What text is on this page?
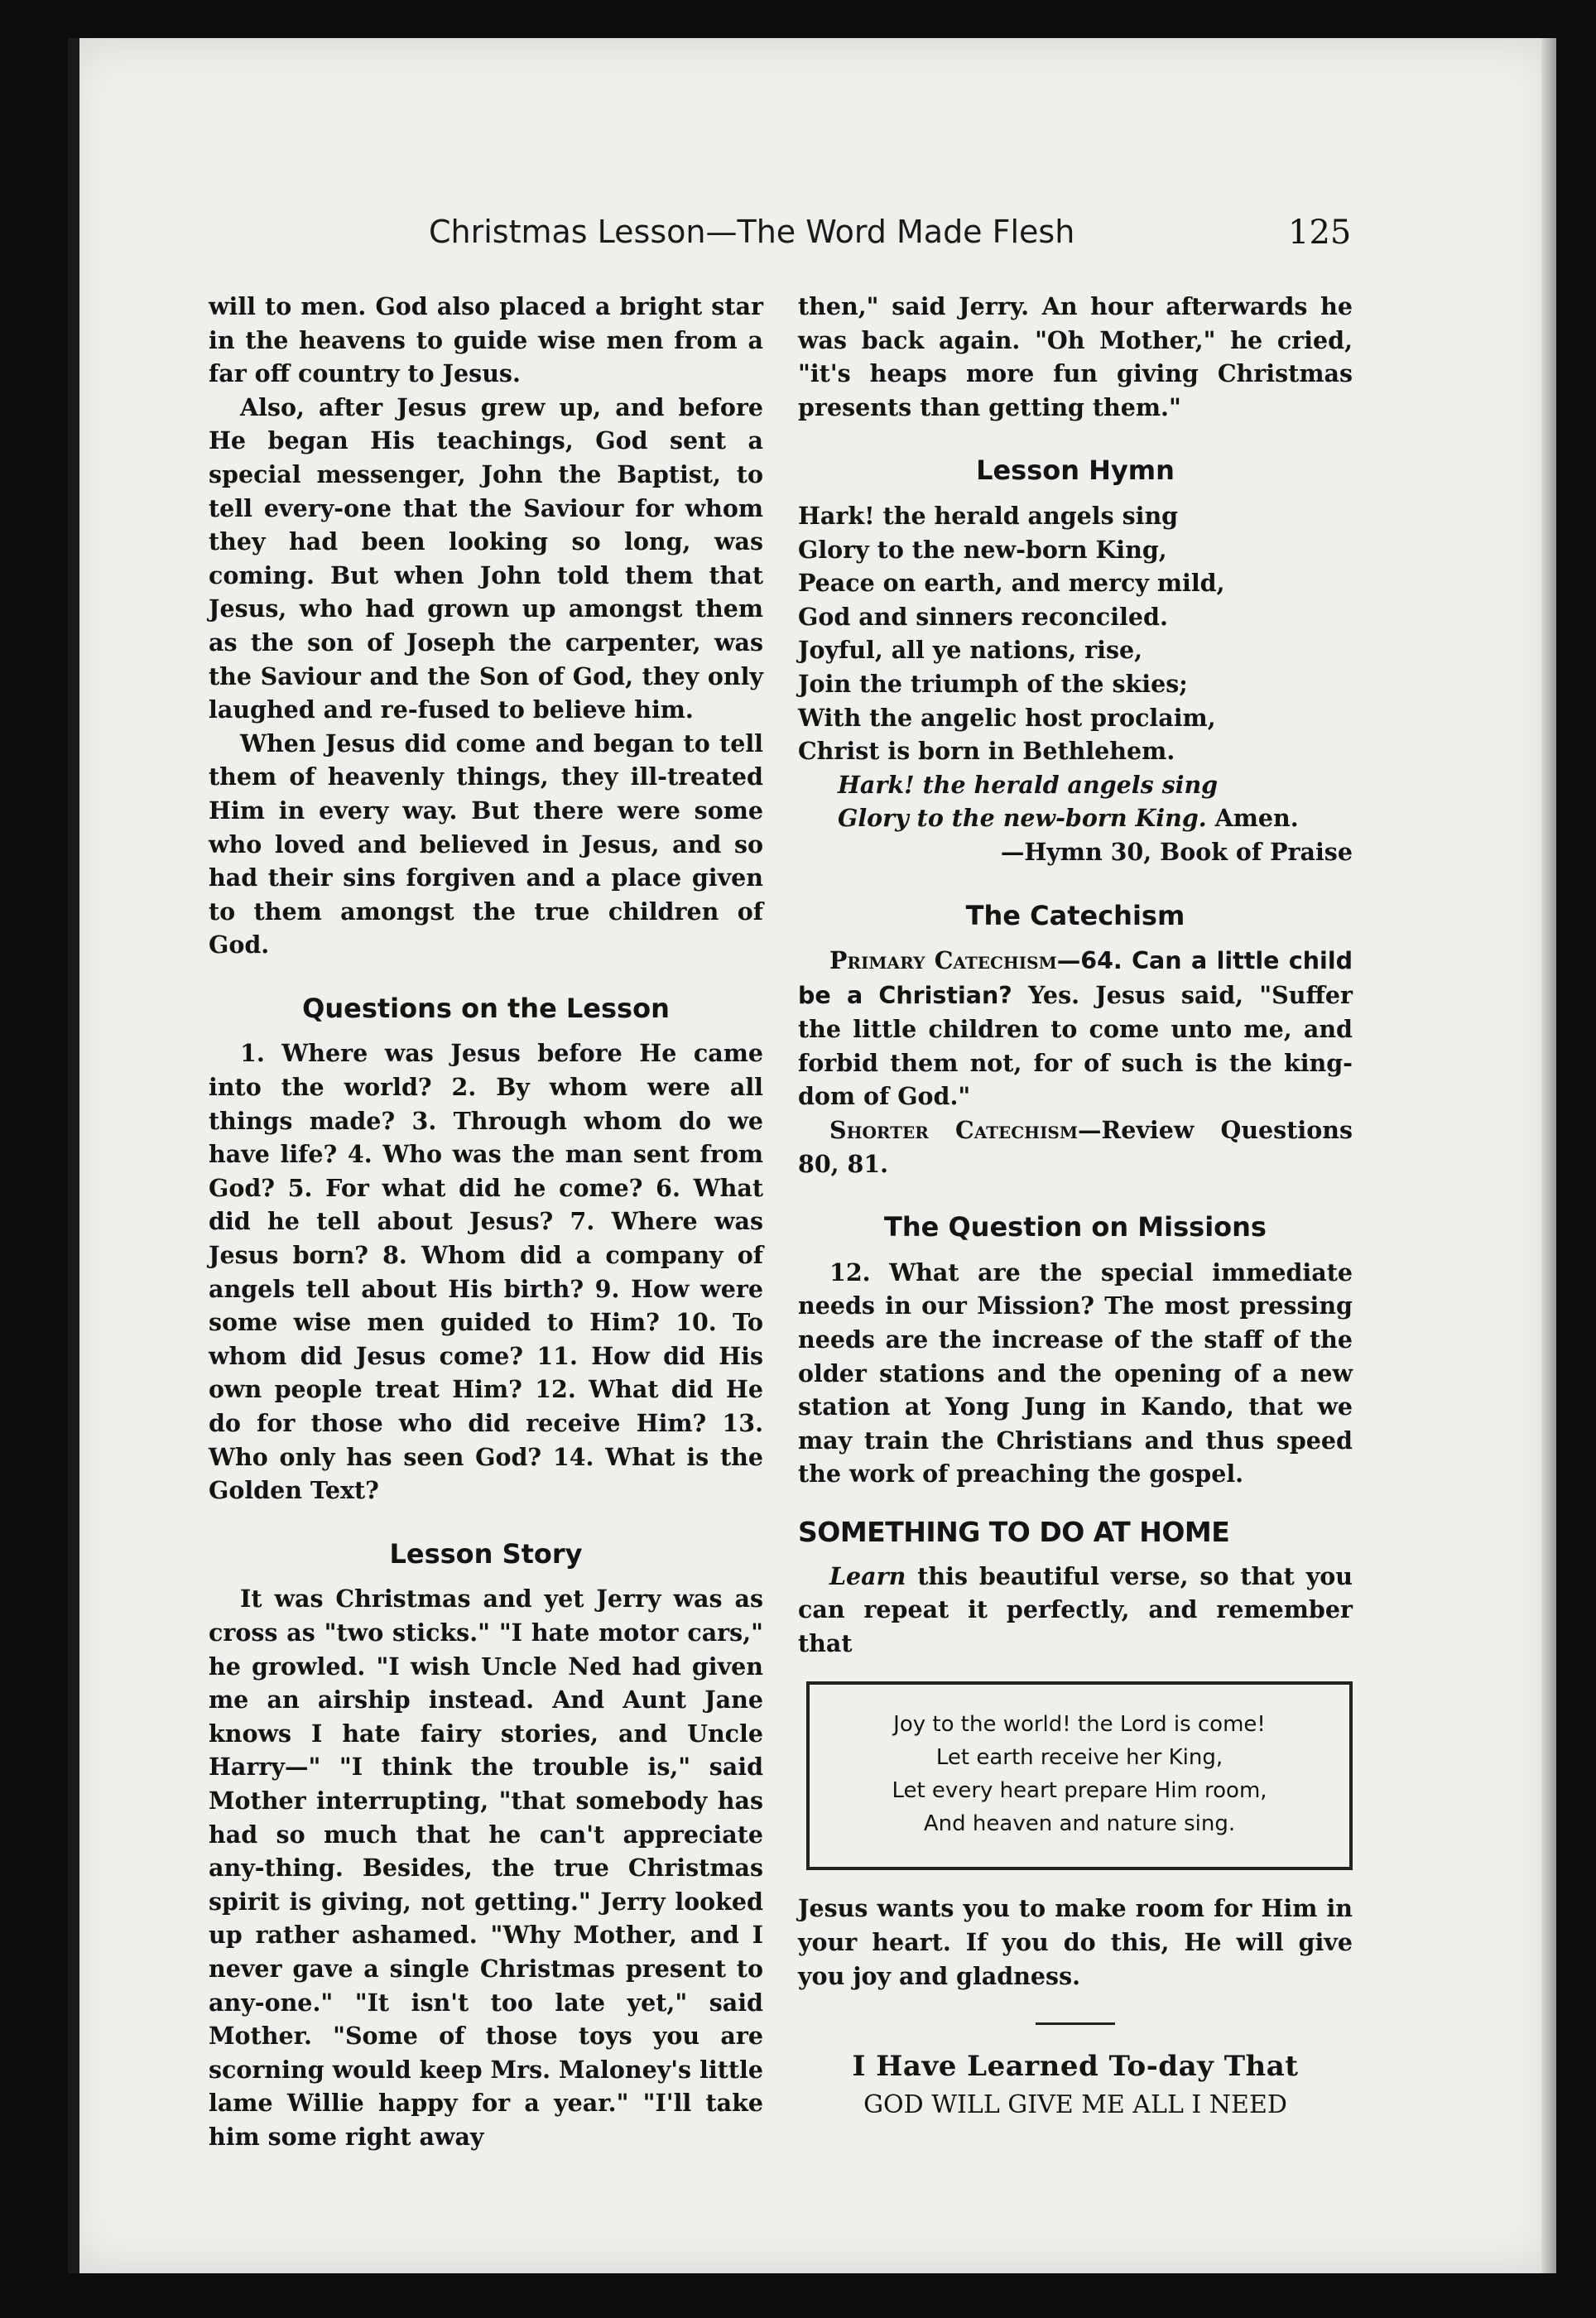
Christmas Lesson—The Word Made Flesh	125

will to men. God also placed a bright star in the heavens to guide wise men from a far off country to Jesus.

Also, after Jesus grew up, and before He began His teachings, God sent a special messenger, John the Baptist, to tell every-one that the Saviour for whom they had been looking so long, was coming. But when John told them that Jesus, who had grown up amongst them as the son of Joseph the carpenter, was the Saviour and the Son of God, they only laughed and re-fused to believe him.

When Jesus did come and began to tell them of heavenly things, they ill-treated Him in every way. But there were some who loved and believed in Jesus, and so had their sins forgiven and a place given to them amongst the true children of God.

Questions on the Lesson

1. Where was Jesus before He came into the world? 2. By whom were all things made? 3. Through whom do we have life? 4. Who was the man sent from God? 5. For what did he come? 6. What did he tell about Jesus? 7. Where was Jesus born? 8. Whom did a company of angels tell about His birth? 9. How were some wise men guided to Him? 10. To whom did Jesus come? 11. How did His own people treat Him? 12. What did He do for those who did receive Him? 13. Who only has seen God? 14. What is the Golden Text?

Lesson Story

It was Christmas and yet Jerry was as cross as "two sticks." "I hate motor cars," he growled. "I wish Uncle Ned had given me an airship instead. And Aunt Jane knows I hate fairy stories, and Uncle Harry—" "I think the trouble is," said Mother interrupting, "that somebody has had so much that he can't appreciate any-thing. Besides, the true Christmas spirit is giving, not getting." Jerry looked up rather ashamed. "Why Mother, and I never gave a single Christmas present to any-one." "It isn't too late yet," said Mother. "Some of those toys you are scorning would keep Mrs. Maloney's little lame Willie happy for a year." "I'll take him some right away

then," said Jerry. An hour afterwards he was back again. "Oh Mother," he cried, "it's heaps more fun giving Christmas presents than getting them."

Lesson Hymn
Hark! the herald angels sing
Glory to the new-born King,
Peace on earth, and mercy mild,
God and sinners reconciled.
Joyful, all ye nations, rise,
Join the triumph of the skies;
With the angelic host proclaim,
Christ is born in Bethlehem.
Hark! the herald angels sing
Glory to the new-born King. Amen.
—Hymn 30, Book of Praise
The Catechism

Primary Catechism—64. Can a little child be a Christian? Yes. Jesus said, "Suffer the little children to come unto me, and forbid them not, for of such is the king-dom of God."

Shorter Catechism—Review Questions 80, 81.

The Question on Missions

12. What are the special immediate needs in our Mission? The most pressing needs are the increase of the staff of the older stations and the opening of a new station at Yong Jung in Kando, that we may train the Christians and thus speed the work of preaching the gospel.

SOMETHING TO DO AT HOME

Learn this beautiful verse, so that you can repeat it perfectly, and remember that

Joy to the world! the Lord is come!
Let earth receive her King,
Let every heart prepare Him room,
And heaven and nature sing.

Jesus wants you to make room for Him in your heart. If you do this, He will give you joy and gladness.

I Have Learned To-day That
GOD WILL GIVE ME ALL I NEED
